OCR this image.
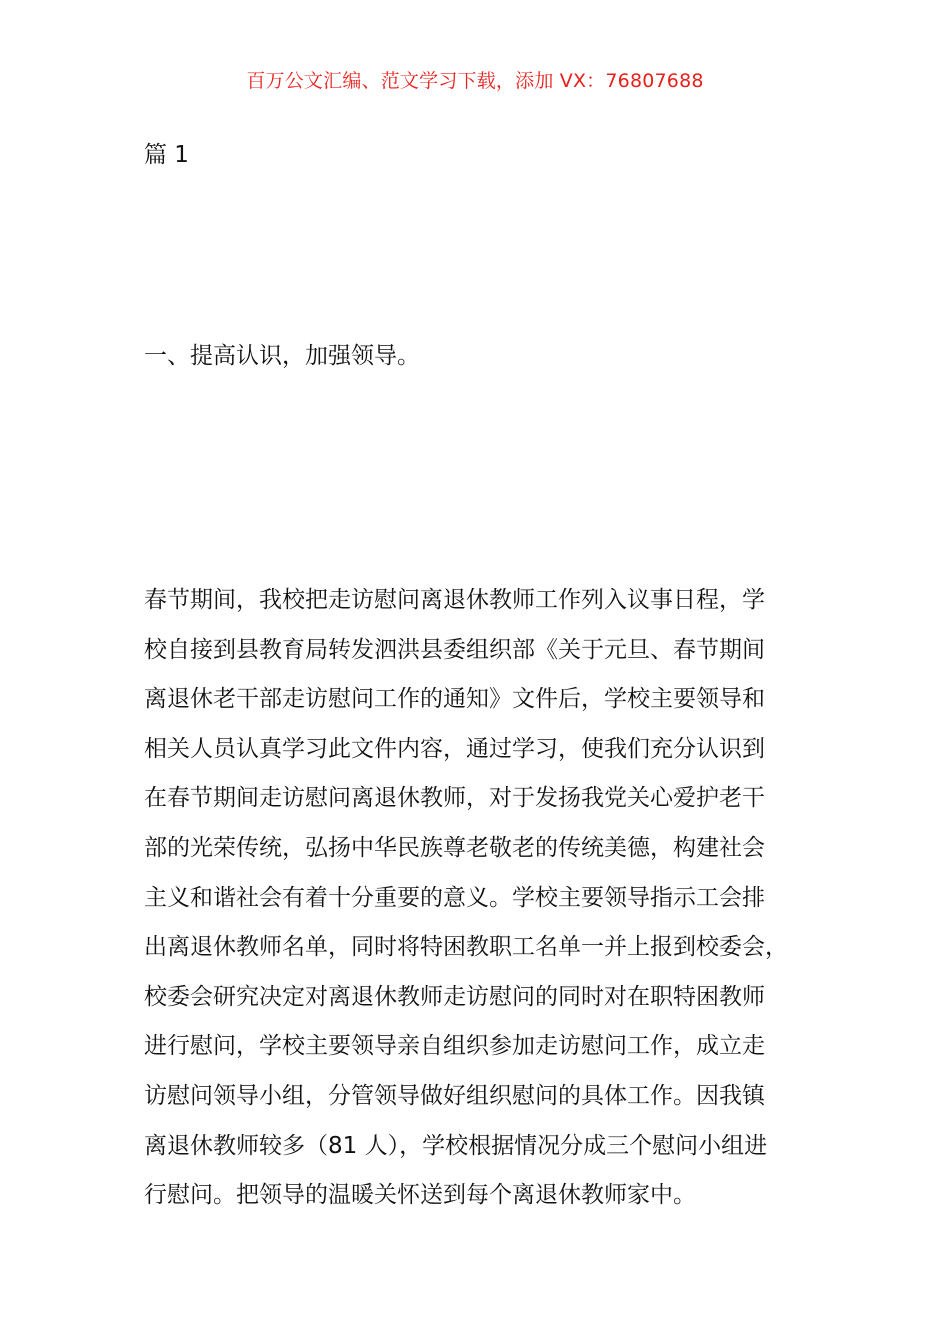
百万公文汇编、范文学习下载，添加 VX：76807688
篇 1
一、提高认识，加强领导。
春节期间，我校把走访慰问离退休教师工作列入议事日程，学
校自接到县教育局转发泗洪县委组织部《关于元旦、春节期间
离退休老干部走访慰问工作的通知》文件后，学校主要领导和
相关人员认真学习此文件内容，通过学习，使我们充分认识到
在春节期间走访慰问离退休教师，对于发扬我党关心爱护老干
部的光荣传统，弘扬中华民族尊老敬老的传统美德，构建社会
主义和谐社会有着十分重要的意义。学校主要领导指示工会排
出离退休教师名单，同时将特困教职工名单一并上报到校委会，
校委会研究决定对离退休教师走访慰问的同时对在职特困教师
进行慰问，学校主要领导亲自组织参加走访慰问工作，成立走
访慰问领导小组，分管领导做好组织慰问的具体工作。因我镇
离退休教师较多（81 人），学校根据情况分成三个慰问小组进
行慰问。把领导的温暖关怀送到每个离退休教师家中。
